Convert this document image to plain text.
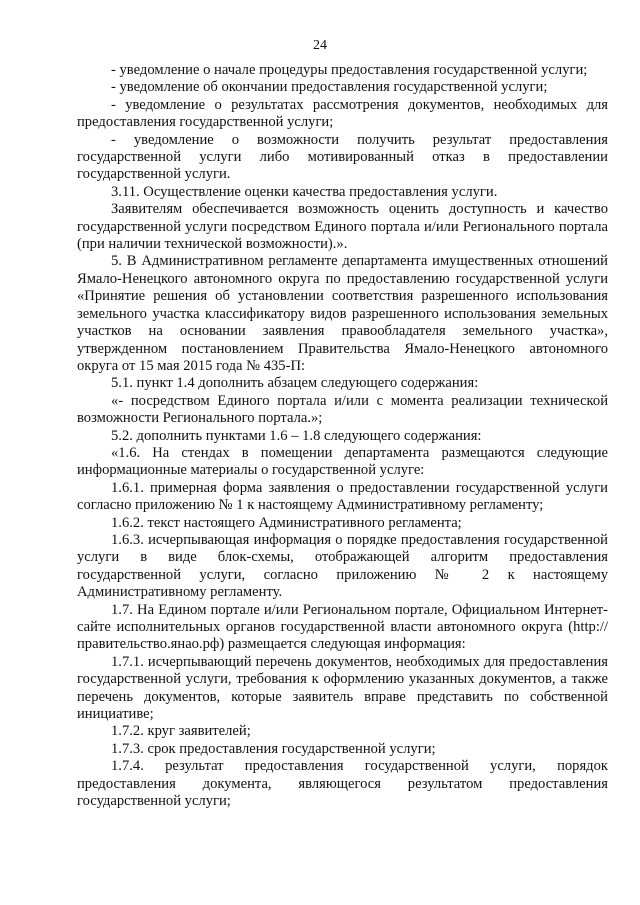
24

- уведомление о начале процедуры предоставления государственной услуги;

- уведомление об окончании предоставления государственной услуги;

- уведомление о результатах рассмотрения документов, необходимых для предоставления государственной услуги;

- уведомление о возможности получить результат предоставления государственной услуги либо мотивированный отказ в предоставлении государственной услуги.

3.11. Осуществление оценки качества предоставления услуги.

Заявителям обеспечивается возможность оценить доступность и качество государственной услуги посредством Единого портала и/или Регионального портала (при наличии технической возможности).».

5. В Административном регламенте департамента имущественных отношений Ямало-Ненецкого автономного округа по предоставлению государственной услуги «Принятие решения об установлении соответствия разрешенного использования земельного участка классификатору видов разрешенного использования земельных участков на основании заявления правообладателя земельного участка», утвержденном постановлением Правительства Ямало-Ненецкого автономного округа от 15 мая 2015 года № 435-П:

5.1. пункт 1.4 дополнить абзацем следующего содержания:

«- посредством Единого портала и/или с момента реализации технической возможности Регионального портала.»;

5.2. дополнить пунктами 1.6 – 1.8 следующего содержания:

«1.6. На стендах в помещении департамента размещаются следующие информационные материалы о государственной услуге:

1.6.1. примерная форма заявления о предоставлении государственной услуги согласно приложению № 1 к настоящему Административному регламенту;

1.6.2. текст настоящего Административного регламента;

1.6.3. исчерпывающая информация о порядке предоставления государственной услуги в виде блок-схемы, отображающей алгоритм предоставления государственной услуги, согласно приложению № 2 к настоящему Административному регламенту.

1.7. На Едином портале и/или Региональном портале, Официальном Интернет-сайте исполнительных органов государственной власти автономного округа (http://правительство.янао.рф) размещается следующая информация:

1.7.1. исчерпывающий перечень документов, необходимых для предоставления государственной услуги, требования к оформлению указанных документов, а также перечень документов, которые заявитель вправе представить по собственной инициативе;

1.7.2. круг заявителей;

1.7.3. срок предоставления государственной услуги;

1.7.4. результат предоставления государственной услуги, порядок предоставления документа, являющегося результатом предоставления государственной услуги;
